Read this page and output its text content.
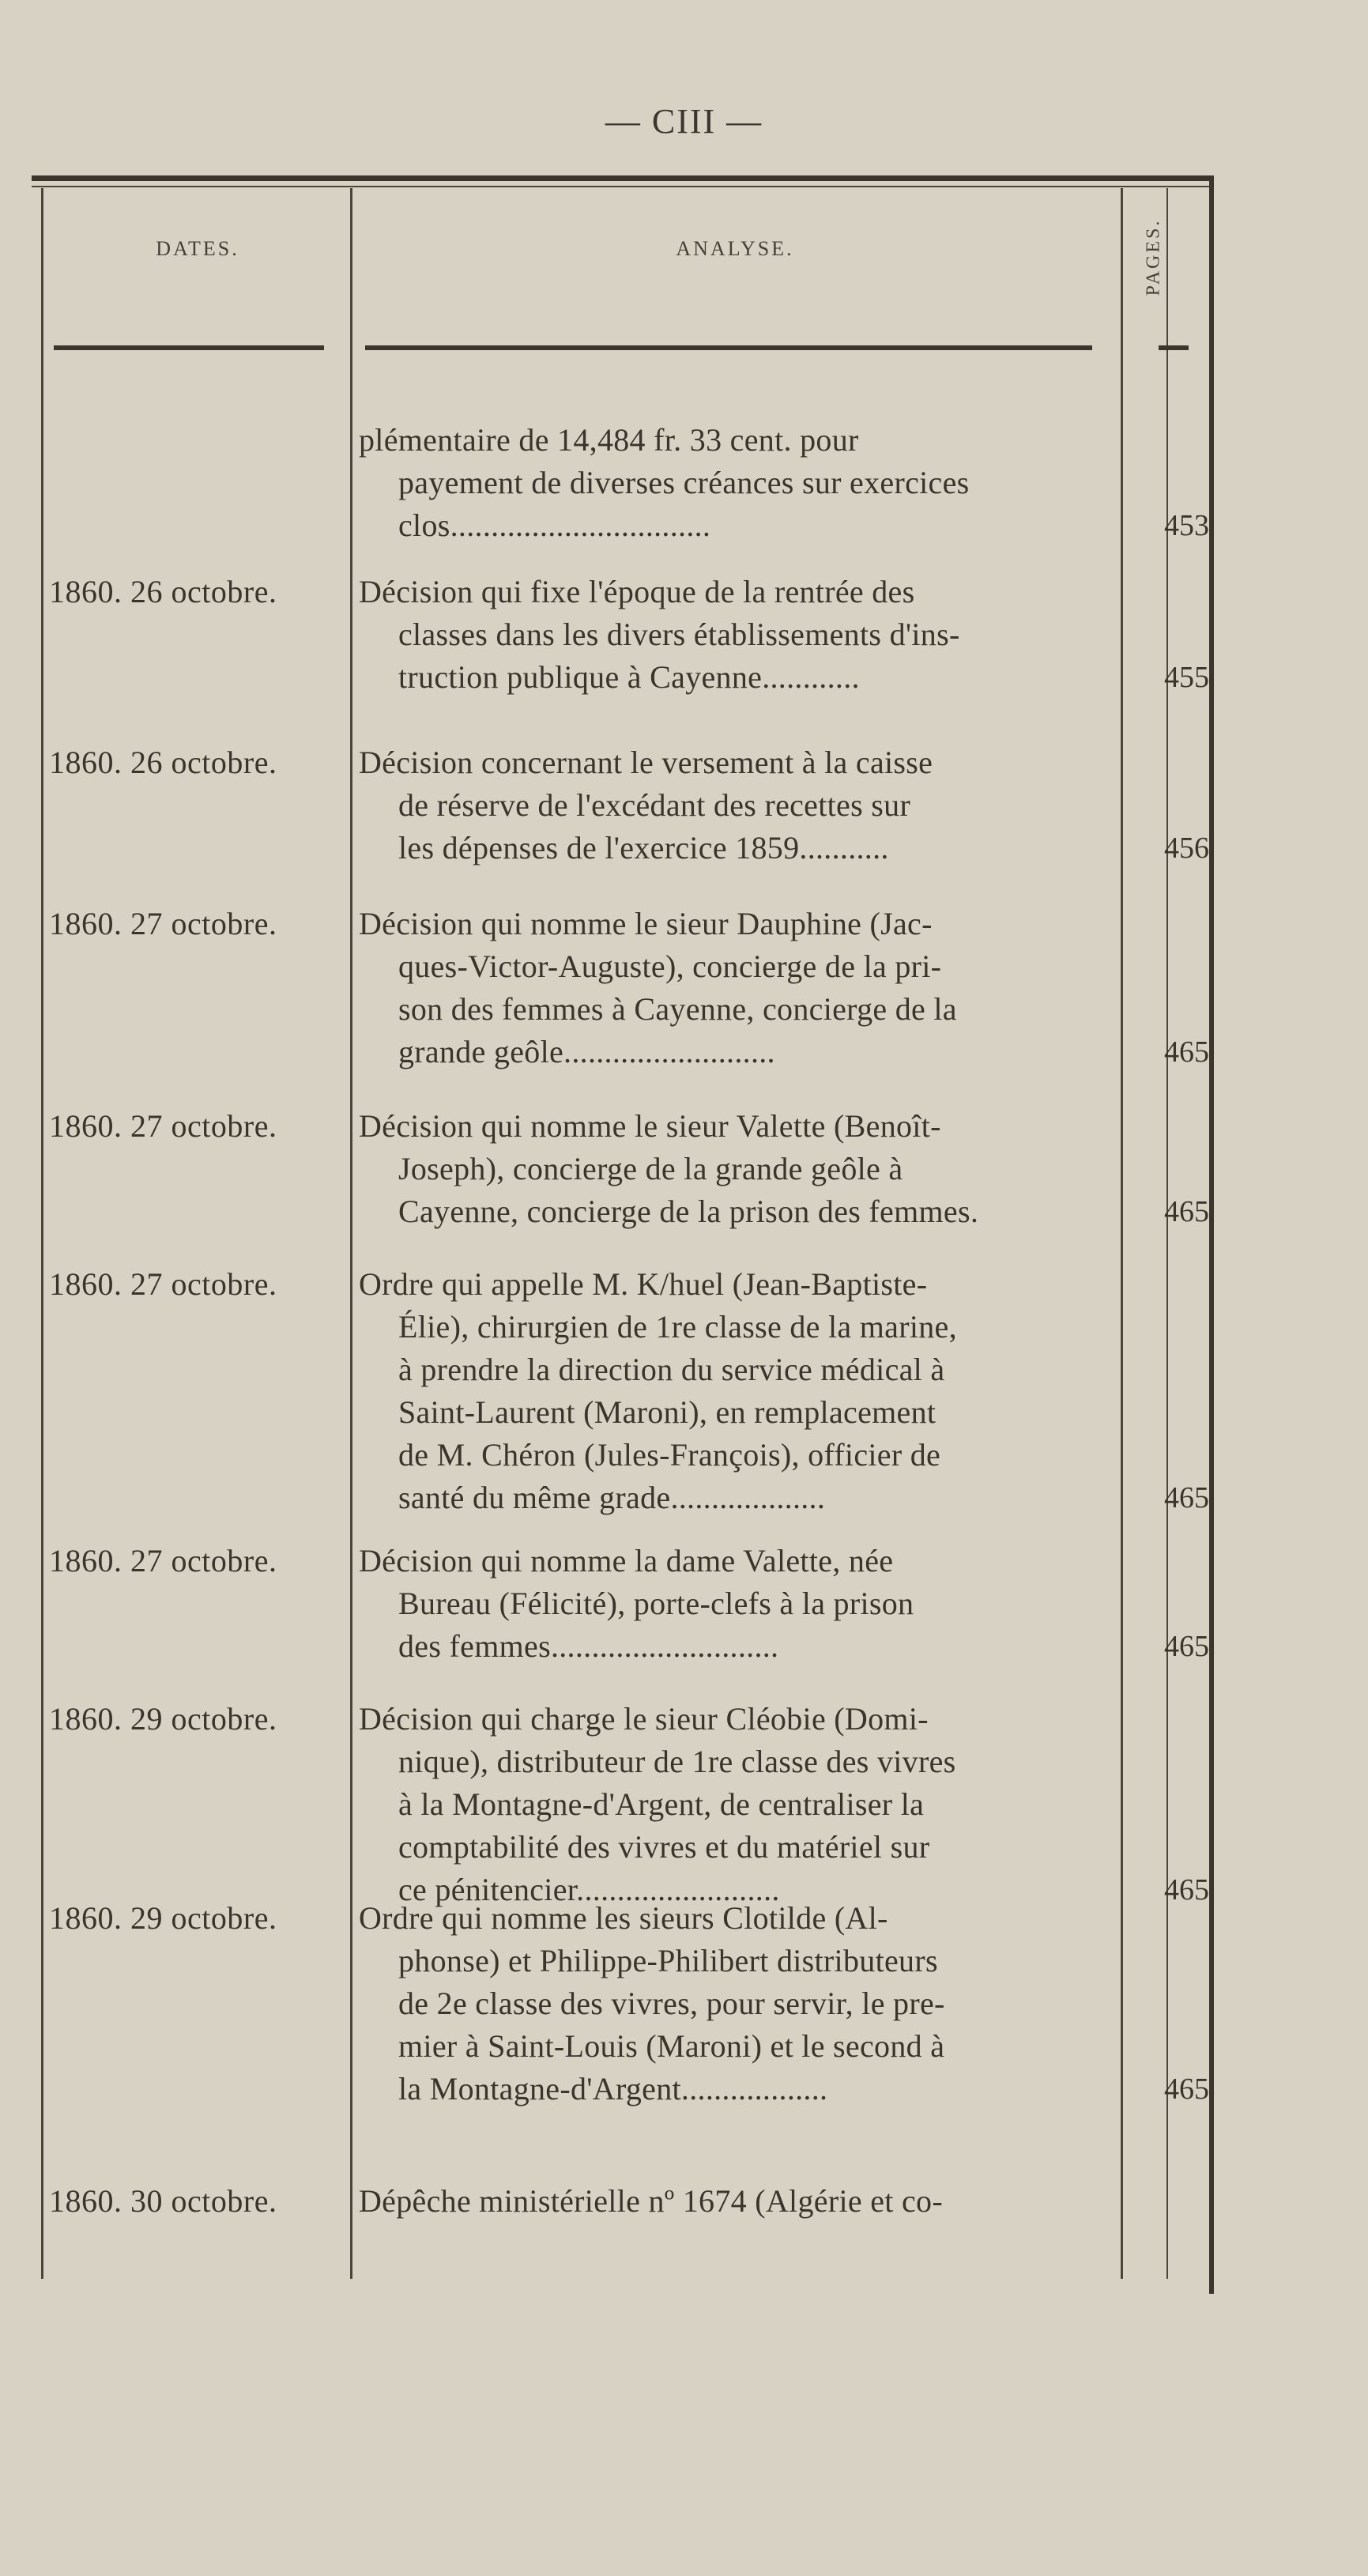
— CIII —
DATES.	ANALYSE.	PAGES.
plémentaire de 14,484 fr. 33 cent. pour
payement de diverses créances sur exercices
clos................................	453
1860. 26 octobre.	Décision qui fixe l'époque de la rentrée des
classes dans les divers établissements d'ins-
truction publique à Cayenne............	455
1860. 26 octobre.	Décision concernant le versement à la caisse
de réserve de l'excédant des recettes sur
les dépenses de l'exercice 1859...........	456
1860. 27 octobre.	Décision qui nomme le sieur Dauphine (Jac-
ques-Victor-Auguste), concierge de la pri-
son des femmes à Cayenne, concierge de la
grande geôle..........................	465
1860. 27 octobre.	Décision qui nomme le sieur Valette (Benoît-
Joseph), concierge de la grande geôle à
Cayenne, concierge de la prison des femmes.	465
1860. 27 octobre.	Ordre qui appelle M. K/huel (Jean-Baptiste-
Élie), chirurgien de 1re classe de la marine,
à prendre la direction du service médical à
Saint-Laurent (Maroni), en remplacement
de M. Chéron (Jules-François), officier de
santé du même grade...................	465
1860. 27 octobre.	Décision qui nomme la dame Valette, née
Bureau (Félicité), porte-clefs à la prison
des femmes............................	465
1860. 29 octobre.	Décision qui charge le sieur Cléobie (Domi-
nique), distributeur de 1re classe des vivres
à la Montagne-d'Argent, de centraliser la
comptabilité des vivres et du matériel sur
ce pénitencier.........................	465
1860. 29 octobre.	Ordre qui nomme les sieurs Clotilde (Al-
phonse) et Philippe-Philibert distributeurs
de 2e classe des vivres, pour servir, le pre-
mier à Saint-Louis (Maroni) et le second à
la Montagne-d'Argent..................	465
1860. 30 octobre.	Dépêche ministérielle nº 1674 (Algérie et co-
